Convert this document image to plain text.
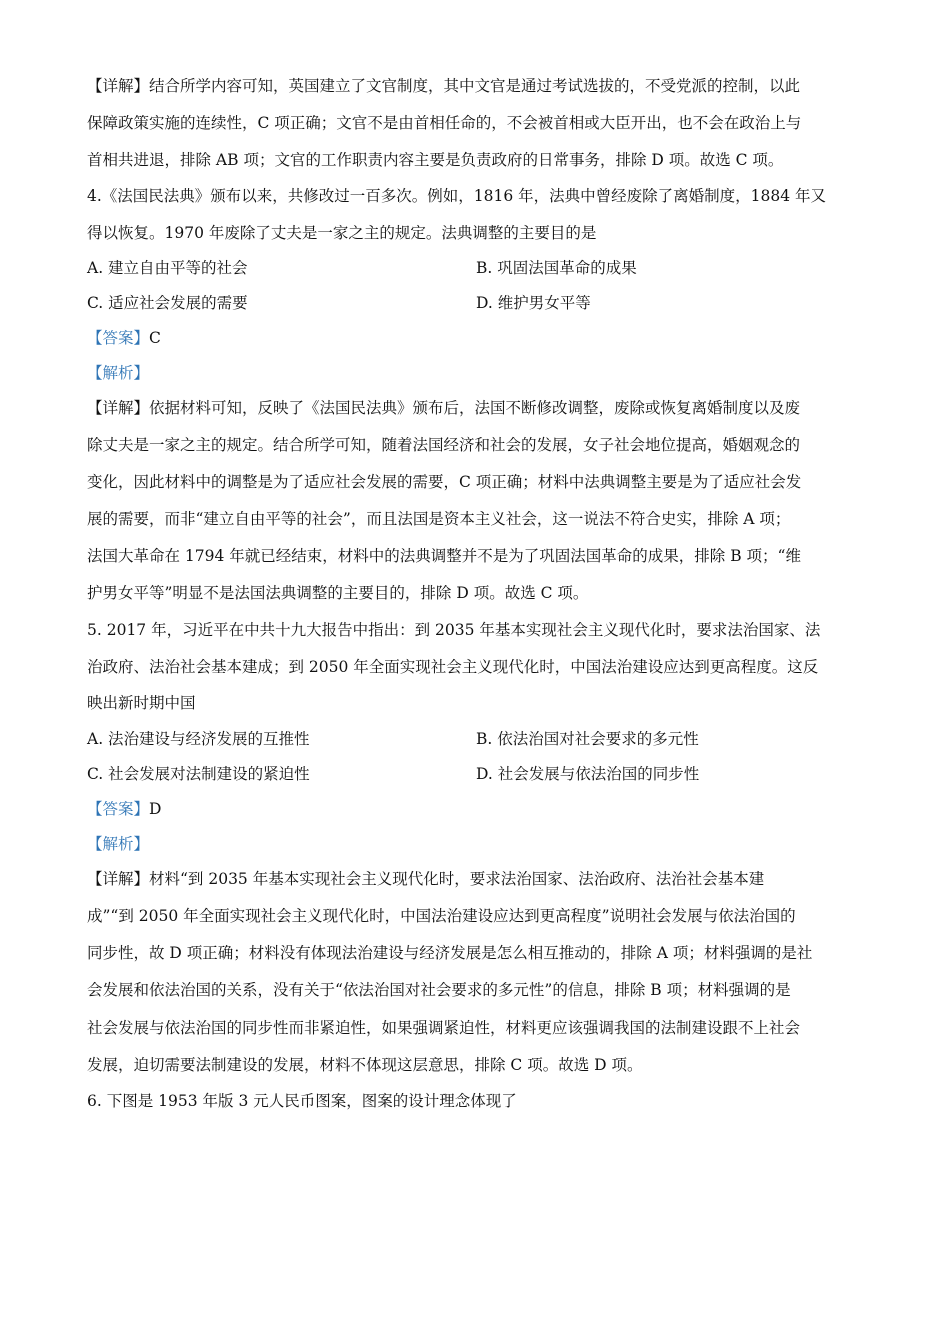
【详解】结合所学内容可知，英国建立了文官制度，其中文官是通过考试选拔的，不受党派的控制，以此
保障政策实施的连续性，C 项正确；文官不是由首相任命的，不会被首相或大臣开出，也不会在政治上与
首相共进退，排除 AB 项；文官的工作职责内容主要是负责政府的日常事务，排除 D 项。故选 C 项。
4.《法国民法典》颁布以来，共修改过一百多次。例如，1816 年，法典中曾经废除了离婚制度，1884 年又
得以恢复。1970 年废除了丈夫是一家之主的规定。法典调整的主要目的是
A. 建立自由平等的社会	B. 巩固法国革命的成果
C. 适应社会发展的需要	D. 维护男女平等
【答案】C
【解析】
【详解】依据材料可知，反映了《法国民法典》颁布后，法国不断修改调整，废除或恢复离婚制度以及废
除丈夫是一家之主的规定。结合所学可知，随着法国经济和社会的发展，女子社会地位提高，婚姻观念的
变化，因此材料中的调整是为了适应社会发展的需要，C 项正确；材料中法典调整主要是为了适应社会发
展的需要，而非“建立自由平等的社会”，而且法国是资本主义社会，这一说法不符合史实，排除 A 项；
法国大革命在 1794 年就已经结束，材料中的法典调整并不是为了巩固法国革命的成果，排除 B 项；“维
护男女平等”明显不是法国法典调整的主要目的，排除 D 项。故选 C 项。
5. 2017 年，习近平在中共十九大报告中指出：到 2035 年基本实现社会主义现代化时，要求法治国家、法
治政府、法治社会基本建成；到 2050 年全面实现社会主义现代化时，中国法治建设应达到更高程度。这反
映出新时期中国
A. 法治建设与经济发展的互推性	B. 依法治国对社会要求的多元性
C. 社会发展对法制建设的紧迫性	D. 社会发展与依法治国的同步性
【答案】D
【解析】
【详解】材料“到 2035 年基本实现社会主义现代化时，要求法治国家、法治政府、法治社会基本建
成”“到 2050 年全面实现社会主义现代化时，中国法治建设应达到更高程度”说明社会发展与依法治国的
同步性，故 D 项正确；材料没有体现法治建设与经济发展是怎么相互推动的，排除 A 项；材料强调的是社
会发展和依法治国的关系，没有关于“依法治国对社会要求的多元性”的信息，排除 B 项；材料强调的是
社会发展与依法治国的同步性而非紧迫性，如果强调紧迫性，材料更应该强调我国的法制建设跟不上社会
发展，迫切需要法制建设的发展，材料不体现这层意思，排除 C 项。故选 D 项。
6. 下图是 1953 年版 3 元人民币图案，图案的设计理念体现了
